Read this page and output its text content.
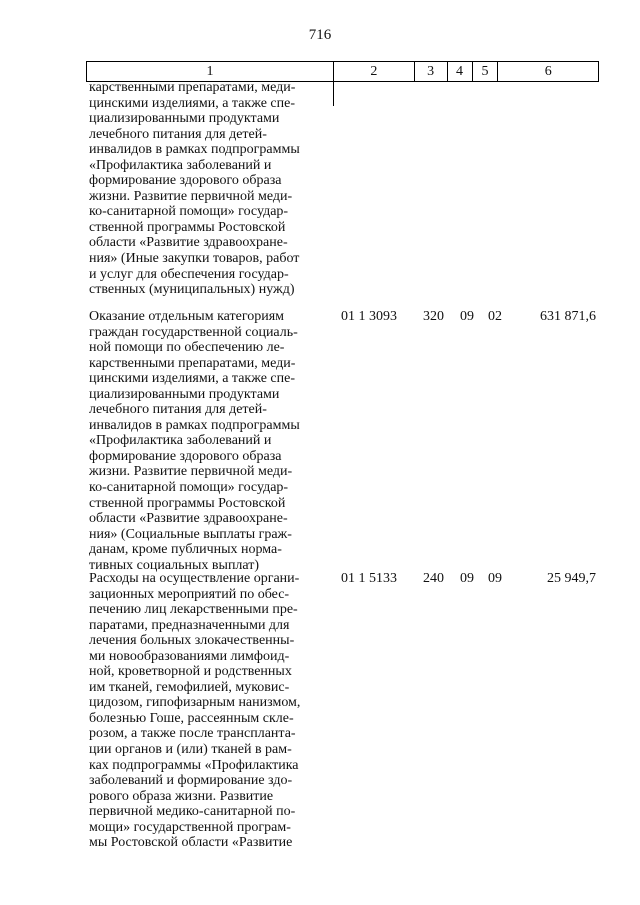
716
1	2	3	4	5	6
карственными препаратами, меди-
цинскими изделиями, а также спе-
циализированными продуктами
лечебного питания для детей-
инвалидов в рамках подпрограммы
«Профилактика заболеваний и
формирование здорового образа
жизни. Развитие первичной меди-
ко-санитарной помощи» государ-
ственной программы Ростовской
области «Развитие здравоохране-
ния» (Иные закупки товаров, работ
и услуг для обеспечения государ-
ственных (муниципальных) нужд)
Оказание отдельным категориям
граждан государственной социаль-
ной помощи по обеспечению ле-
карственными препаратами, меди-
цинскими изделиями, а также спе-
циализированными продуктами
лечебного питания для детей-
инвалидов в рамках подпрограммы
«Профилактика заболеваний и
формирование здорового образа
жизни. Развитие первичной меди-
ко-санитарной помощи» государ-
ственной программы Ростовской
области «Развитие здравоохране-
ния» (Социальные выплаты граж-
данам, кроме публичных норма-
тивных социальных выплат)
01 1 3093	320	09	02	631 871,6
Расходы на осуществление органи-
зационных мероприятий по обес-
печению лиц лекарственными пре-
паратами, предназначенными для
лечения больных злокачественны-
ми новообразованиями лимфоид-
ной, кроветворной и родственных
им тканей, гемофилией, муковис-
цидозом, гипофизарным нанизмом,
болезнью Гоше, рассеянным скле-
розом, а также после транспланта-
ции органов и (или) тканей в рам-
ках подпрограммы «Профилактика
заболеваний и формирование здо-
рового образа жизни. Развитие
первичной медико-санитарной по-
мощи» государственной програм-
мы Ростовской области «Развитие
01 1 5133	240	09	09	25 949,7
